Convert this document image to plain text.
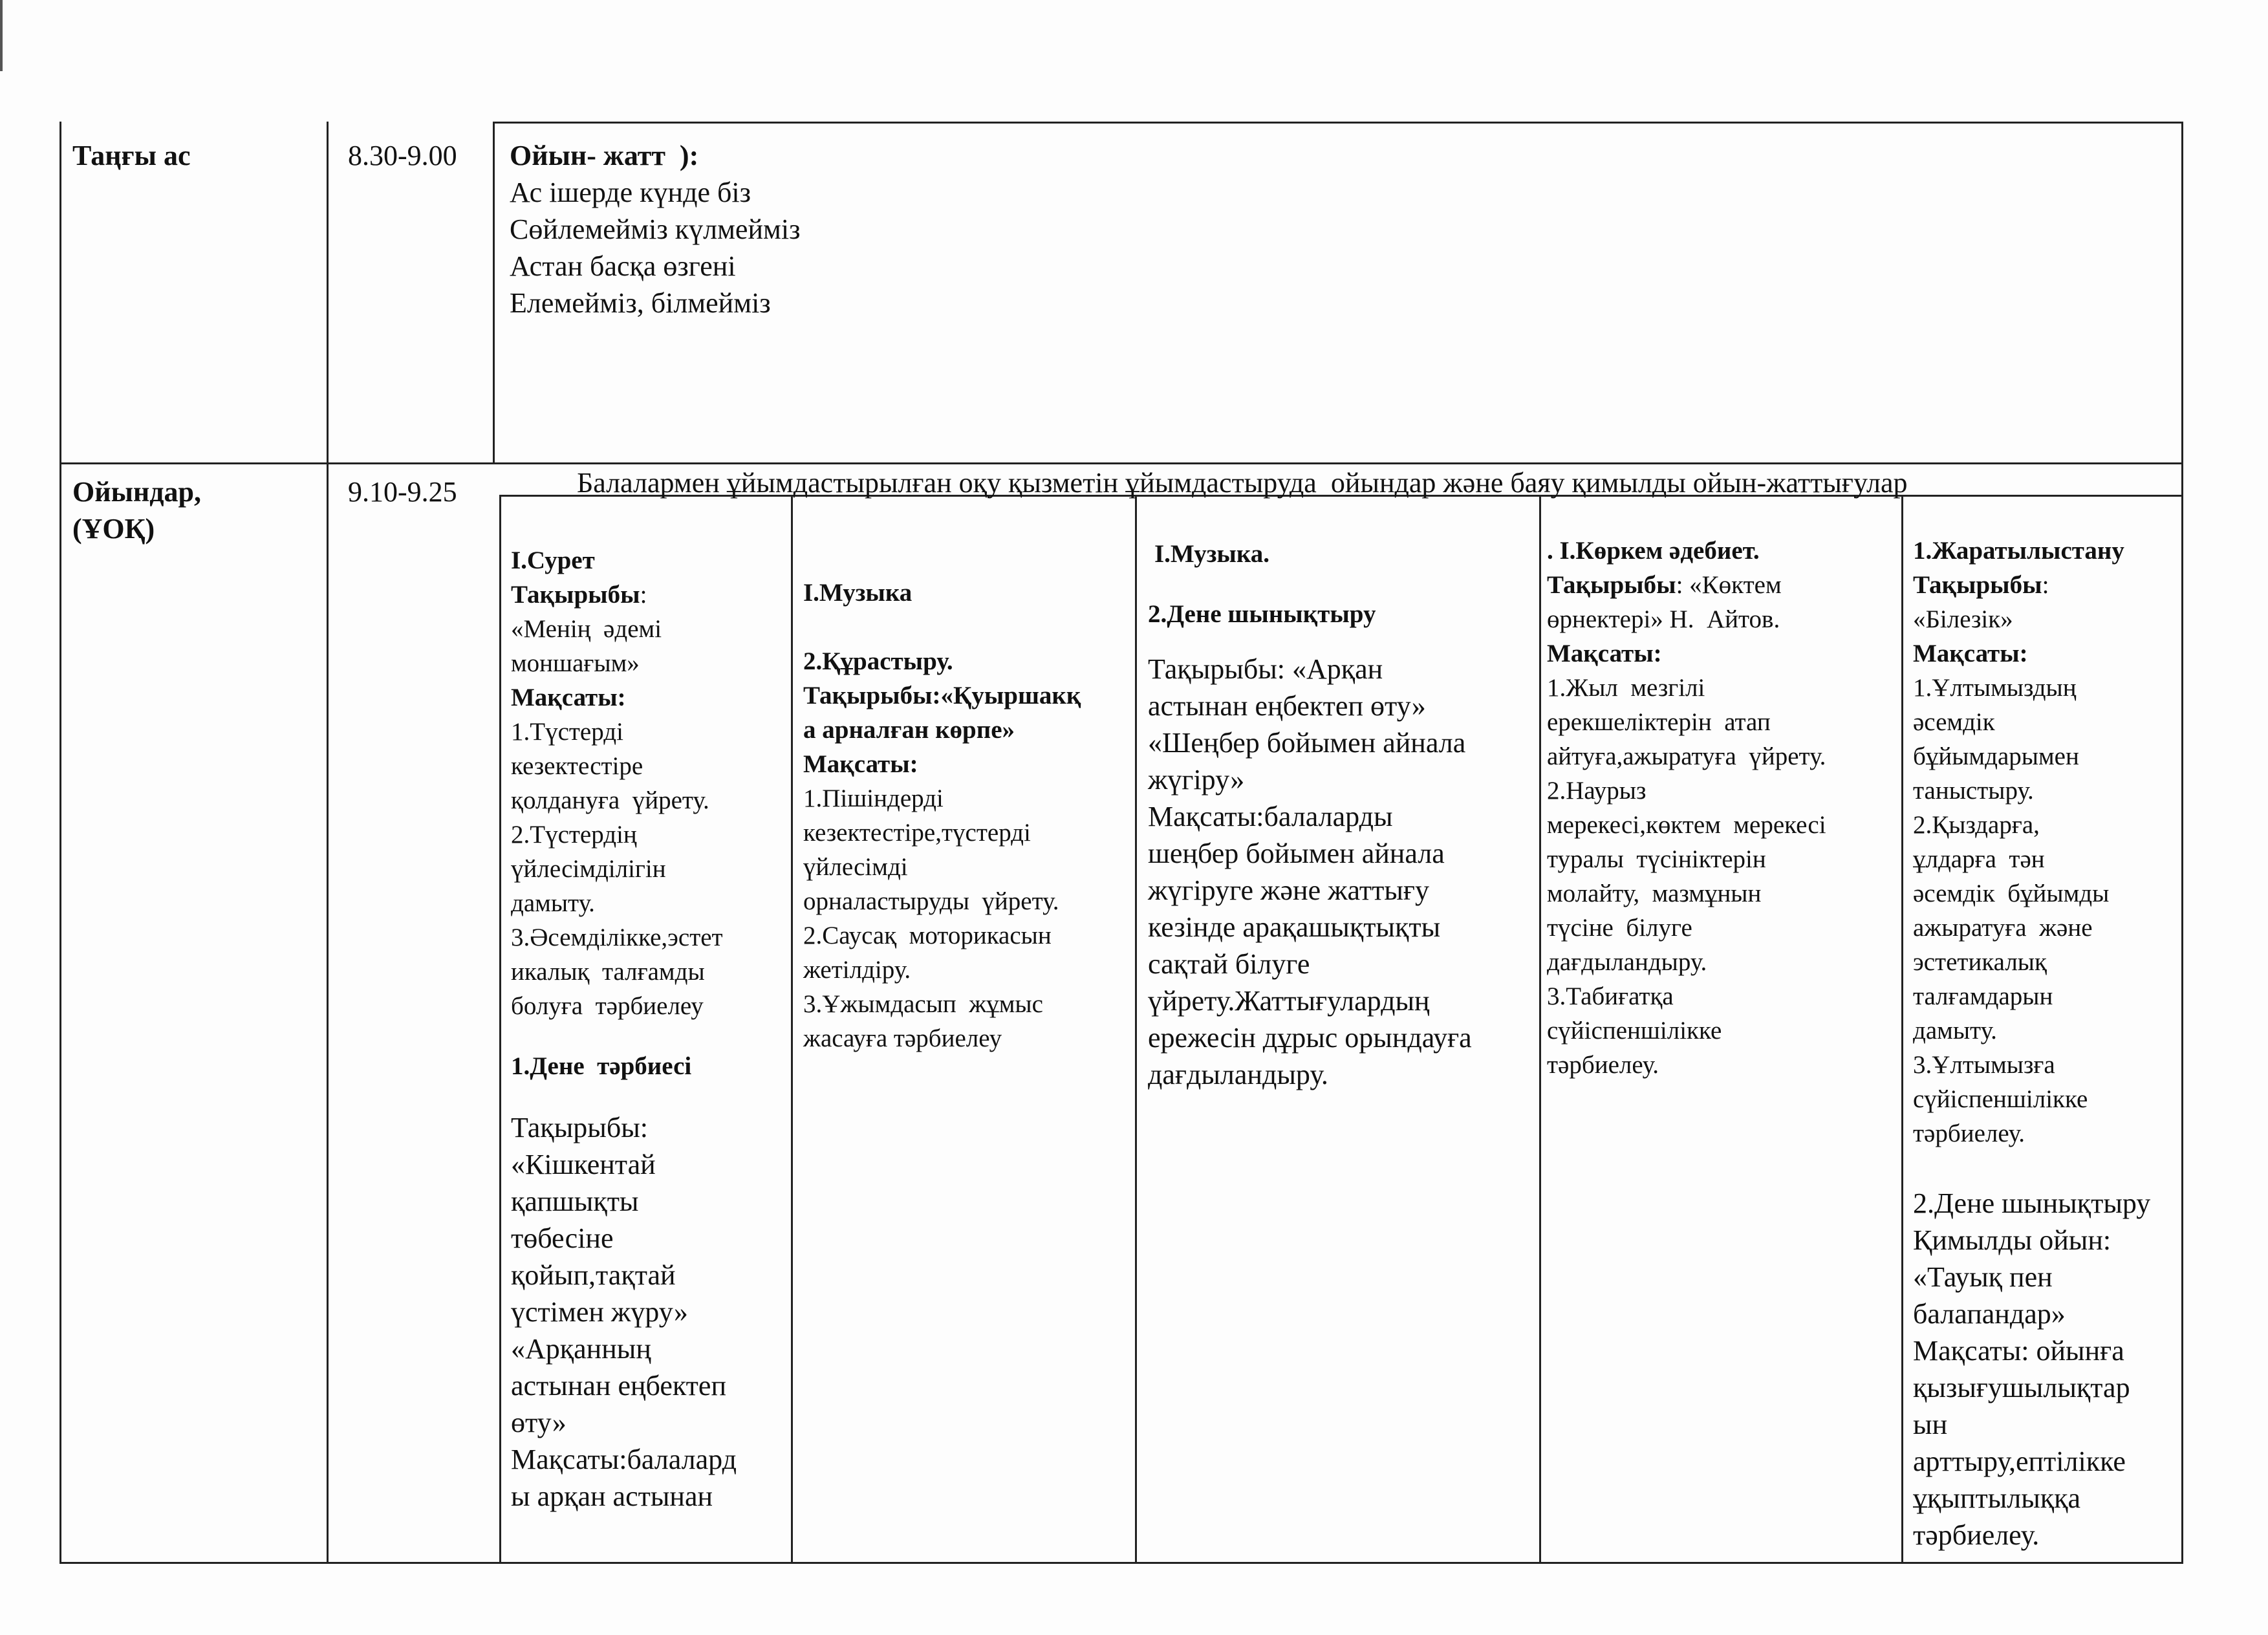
Таңғы ас	8.30-9.00 Ойын- жатт  ):
Ас ішерде күнде біз
Сөйлемейміз күлмейміз
Астан басқа өзгені
Елемейміз, білмейміз
Ойындар,
(ҰОҚ)
9.10-9.25	Балалармен ұйымдастырылған оқу қызметін ұйымдастыруда  ойындар және баяу қимылды ойын-жаттығулар
I.Сурет
Тақырыбы:
«Менің  әдемі
моншағым»
Мақсаты:
1.Түстерді
кезектестіре
қолдануға  үйрету.
2.Түстердің
үйлесімділігін
дамыту.
3.Әсемділікке,эстет
икалық  талғамды
болуға  тәрбиелеу
1.Дене  тәрбиесі
Тақырыбы:
«Кішкентай
қапшықты
төбесіне
қойып,тақтай
үстімен жүру»
«Арқанның
астынан еңбектеп
өту»
Мақсаты:балалард
ы арқан астынан
I.Музыка
2.Құрастыру.
Тақырыбы:«Қуыршакқ
а арналған көрпе»
Мақсаты:
1.Пішіндерді
кезектестіре,түстерді
үйлесімді
орналастыруды  үйрету.
2.Саусақ  моторикасын
жетілдіру.
3.Ұжымдасып  жұмыс
жасауға тәрбиелеу
I.Музыка.
2.Дене шынықтыру
Тақырыбы: «Арқан
астынан еңбектеп өту»
«Шеңбер бойымен айнала
жүгіру»
Мақсаты:балаларды
шеңбер бойымен айнала
жүгіруге және жаттығу
кезінде арақашықтықты
сақтай білуге
үйрету.Жаттығулардың
ережесін дұрыс орындауға
дағдыландыру.
. I.Көркем әдебиет.
Тақырыбы: «Көктем
өрнектері» Н.  Айтов.
Мақсаты:
1.Жыл  мезгілі
ерекшеліктерін  атап
айтуға,ажыратуға  үйрету.
2.Наурыз
мерекесі,көктем  мерекесі
туралы  түсініктерін
молайту,  мазмұнын
түсіне  білуге
дағдыландыру.
3.Табиғатқа
сүйіспеншілікке
тәрбиелеу.
1.Жаратылыстану
Тақырыбы:
«Білезік»
Мақсаты:
1.Ұлтымыздың
әсемдік
бұйымдарымен
таныстыру.
2.Қыздарға,
ұлдарға  тән
әсемдік  бұйымды
ажыратуға  және
эстетикалық
талғамдарын
дамыту.
3.Ұлтымызға
сүйіспеншілікке
тәрбиелеу.
2.Дене шынықтыру
Қимылды ойын:
«Тауық пен
балапандар»
Мақсаты: ойынға
қызығушылықтар
ын
арттыру,ептілікке
ұқыптылыққа
тәрбиелеу.
